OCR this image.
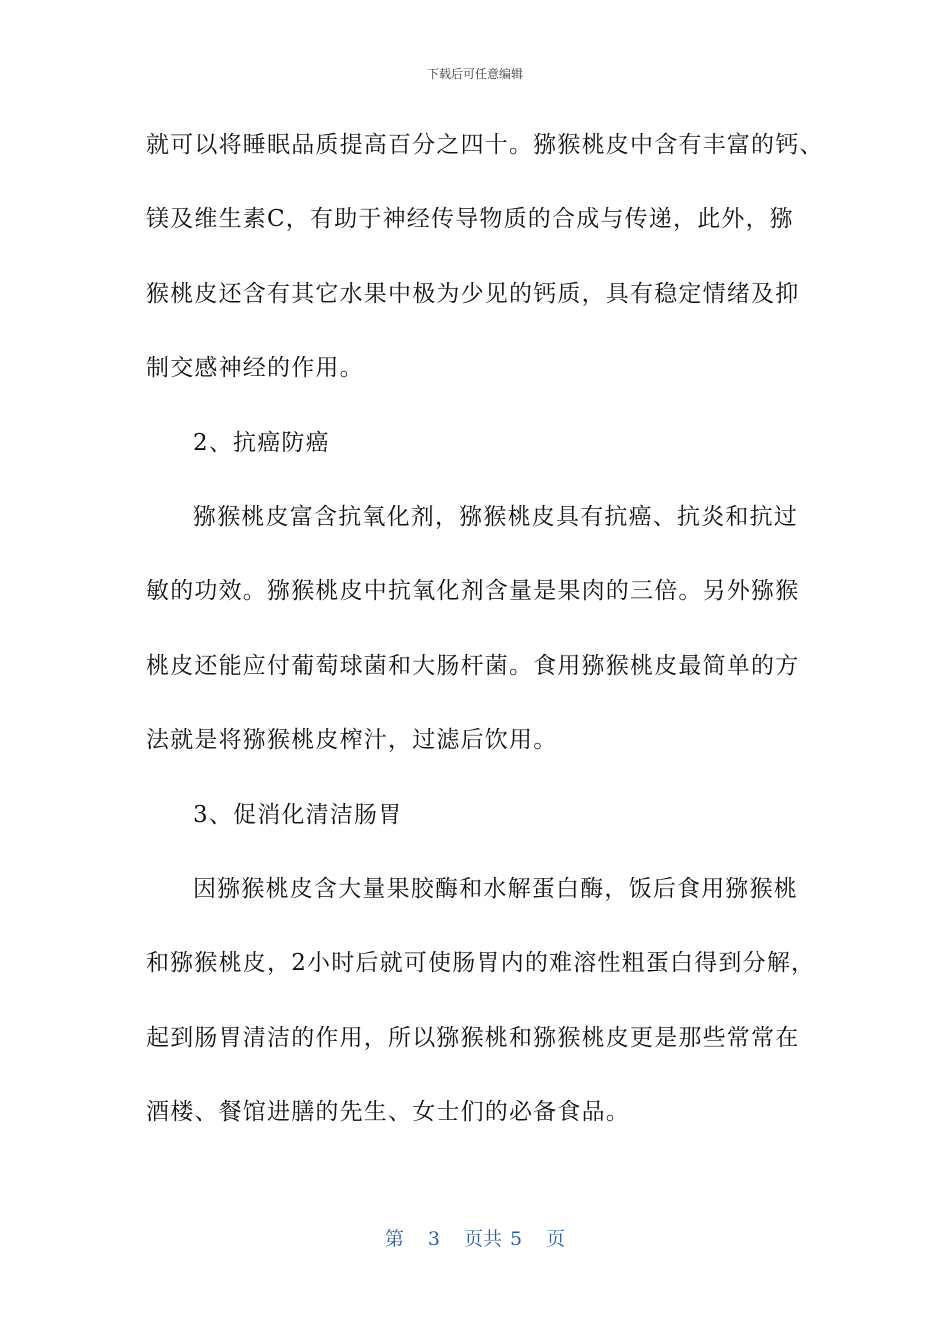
下载后可任意编辑
就可以将睡眠品质提高百分之四十。猕猴桃皮中含有丰富的钙、
镁及维生素C，有助于神经传导物质的合成与传递，此外，猕
猴桃皮还含有其它水果中极为少见的钙质，具有稳定情绪及抑
制交感神经的作用。
2、抗癌防癌
猕猴桃皮富含抗氧化剂，猕猴桃皮具有抗癌、抗炎和抗过
敏的功效。猕猴桃皮中抗氧化剂含量是果肉的三倍。另外猕猴
桃皮还能应付葡萄球菌和大肠杆菌。食用猕猴桃皮最简单的方
法就是将猕猴桃皮榨汁，过滤后饮用。
3、促消化清洁肠胃
因猕猴桃皮含大量果胶酶和水解蛋白酶，饭后食用猕猴桃
和猕猴桃皮，2小时后就可使肠胃内的难溶性粗蛋白得到分解，
起到肠胃清洁的作用，所以猕猴桃和猕猴桃皮更是那些常常在
酒楼、餐馆进膳的先生、女士们的必备食品。
第 3 页共 5 页
